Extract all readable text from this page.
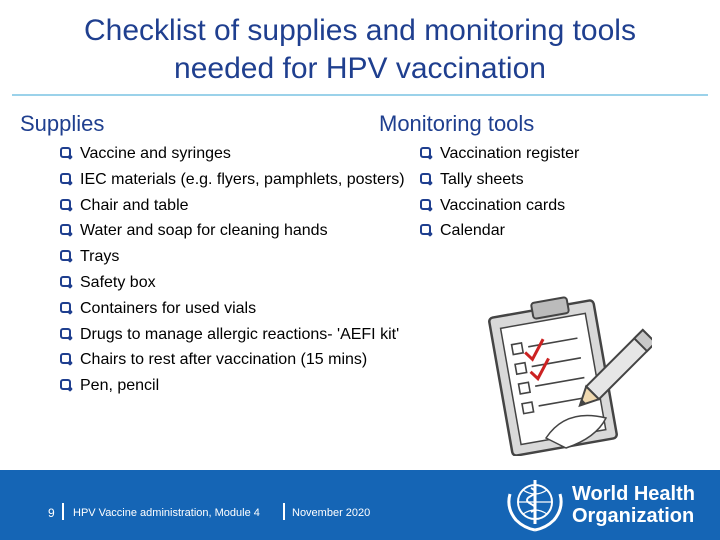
Checklist of supplies and monitoring tools
needed for HPV vaccination
Supplies	Monitoring tools
Vaccine and syringes
IEC materials (e.g. flyers, pamphlets, posters)
Chair and table
Water and soap for cleaning hands
Trays
Safety box
Containers for used vials
Drugs to manage allergic reactions- 'AEFI kit'
Chairs to rest after vaccination (15 mins)
Pen, pencil
Vaccination register
Tally sheets
Vaccination cards
Calendar
9 HPV Vaccine administration, Module 4	November 2020
World Health
Organization
